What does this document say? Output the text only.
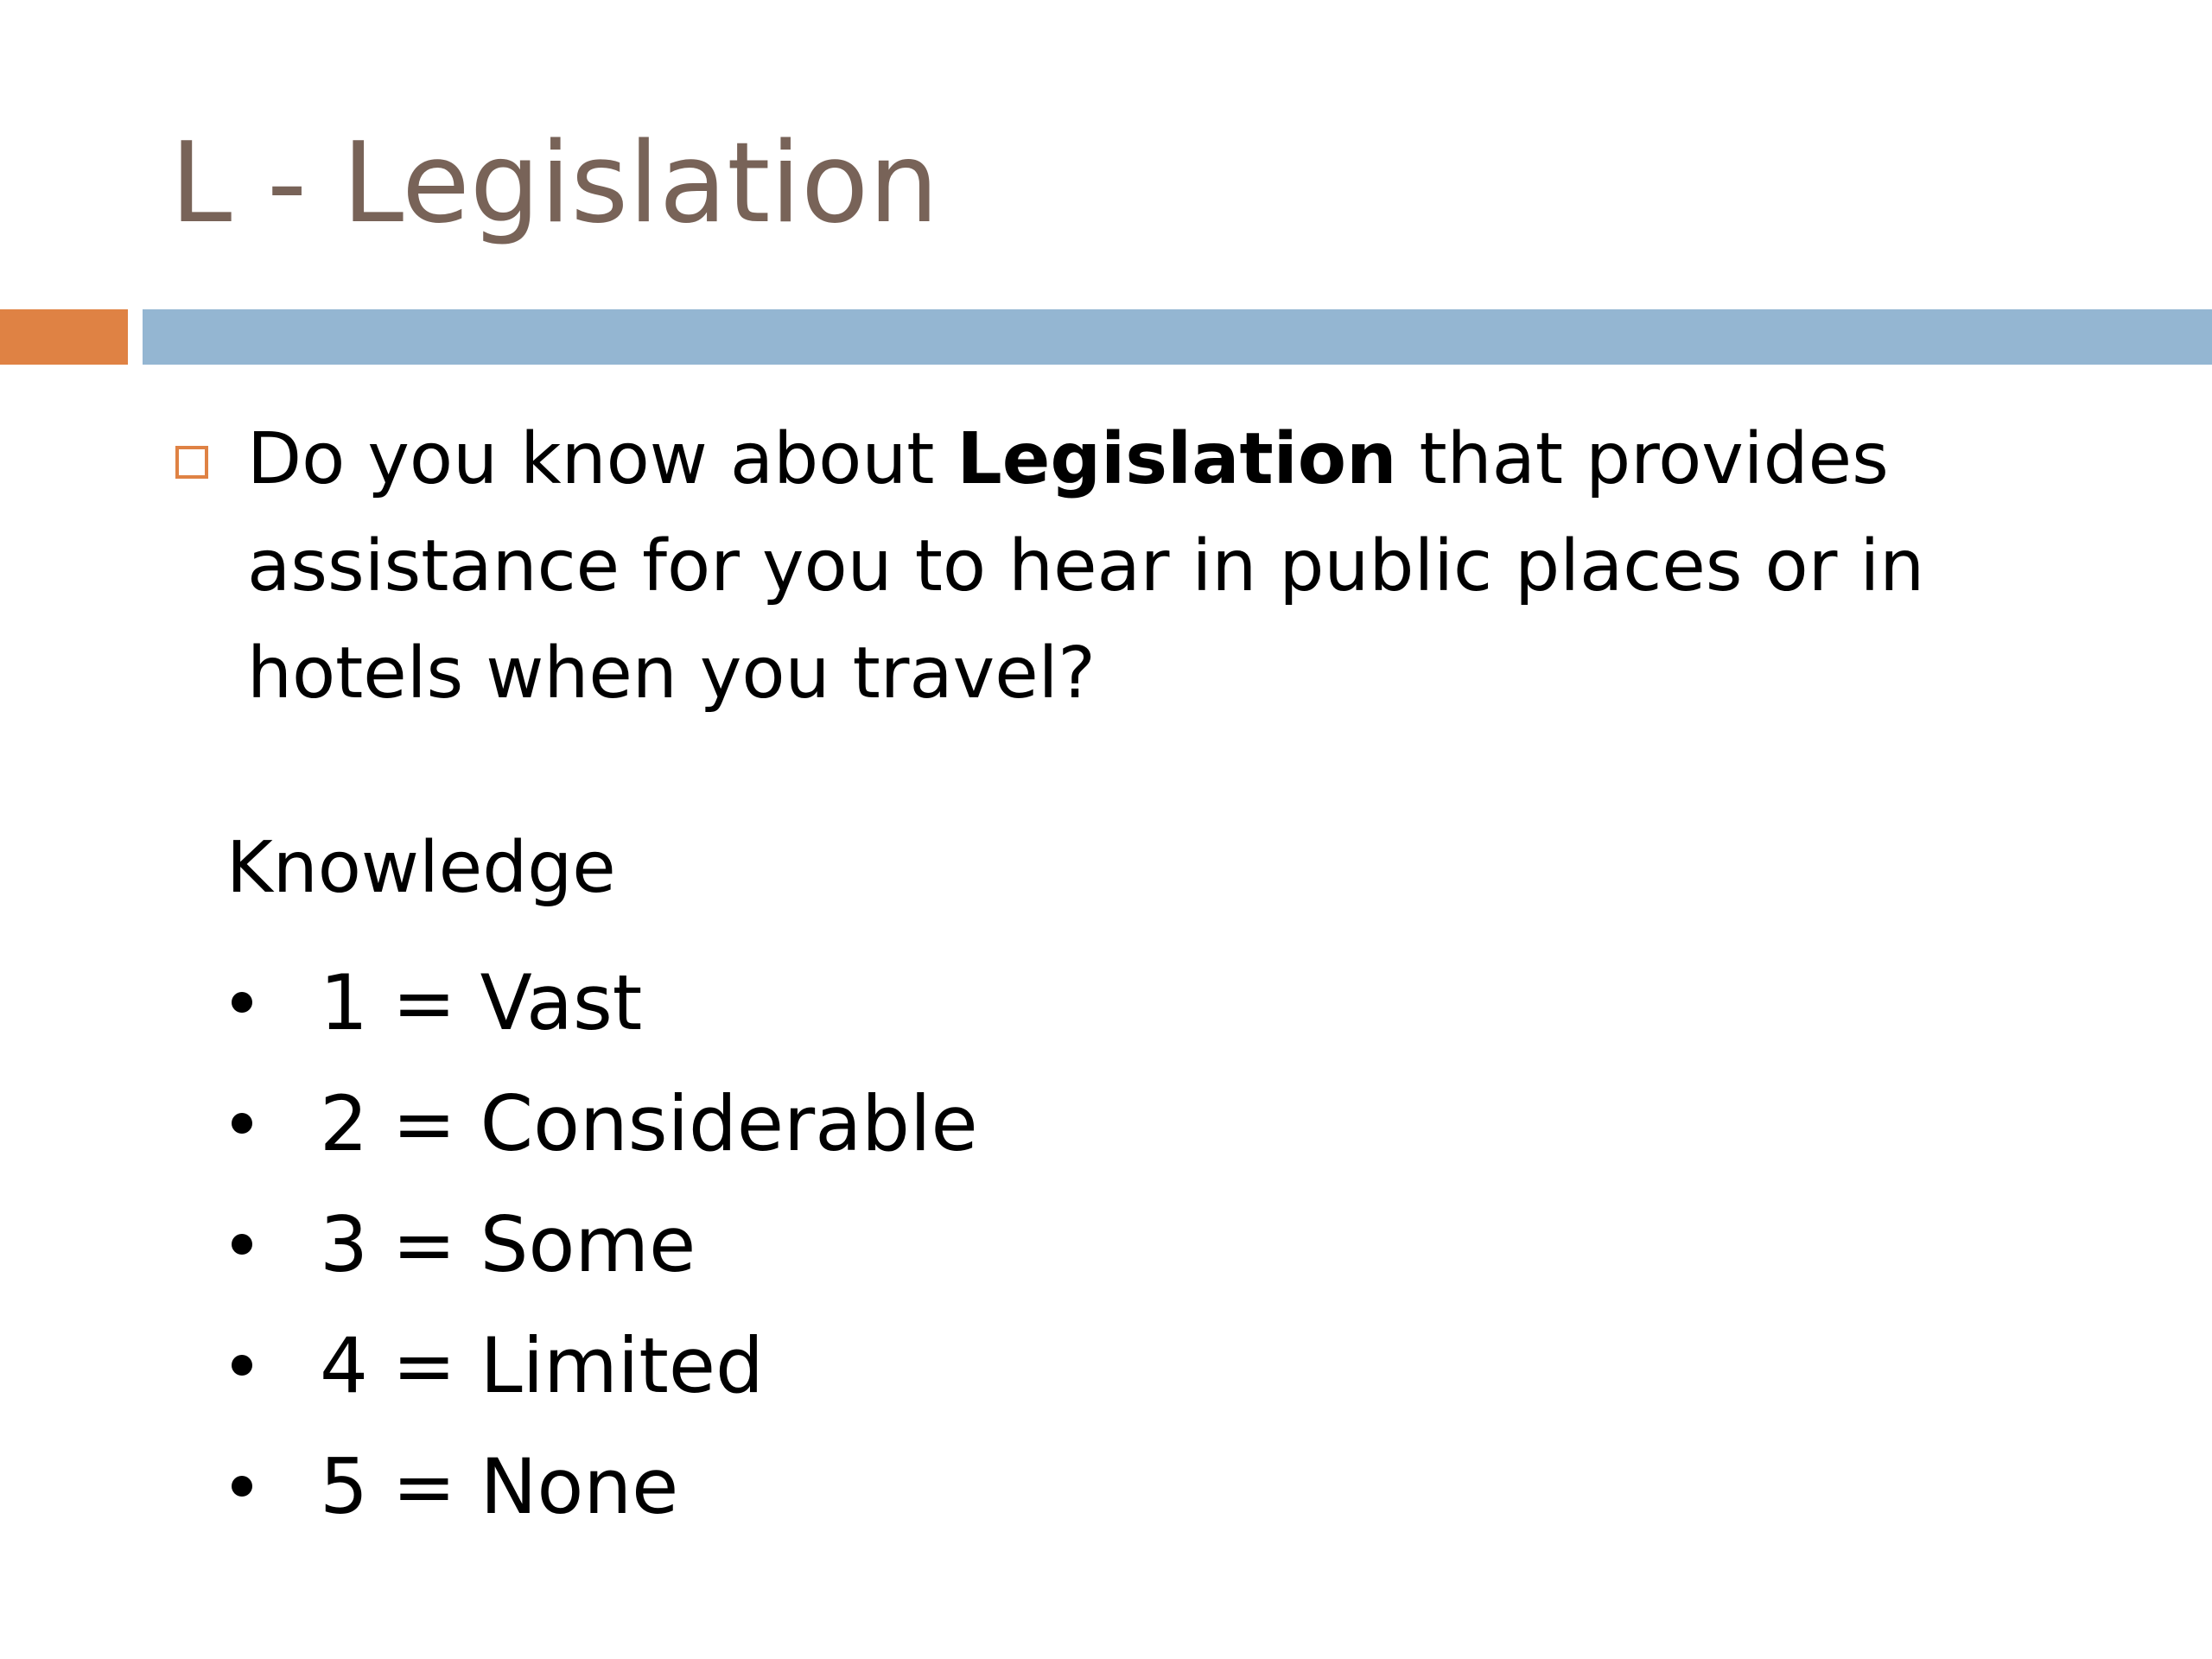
L - Legislation

Do you know about Legislation that provides assistance for you to hear in public places or in hotels when you travel?

Knowledge

1 = Vast
2 = Considerable
3 = Some
4 = Limited
5 = None
